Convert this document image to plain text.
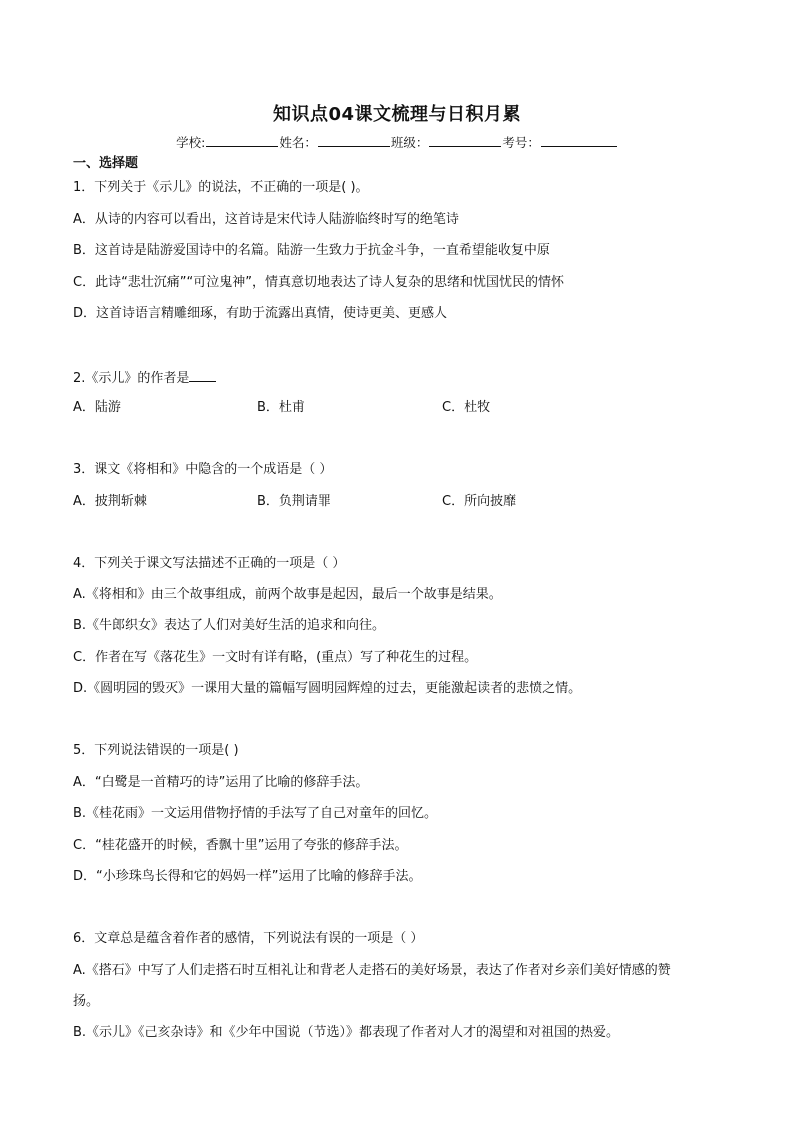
知识点04课文梳理与日积月累
学校:	姓名：	班级：	考号：
一、选择题
1．下列关于《示儿》的说法，不正确的一项是( )。
A．从诗的内容可以看出，这首诗是宋代诗人陆游临终时写的绝笔诗
B．这首诗是陆游爱国诗中的名篇。陆游一生致力于抗金斗争，一直希望能收复中原
C．此诗“悲壮沉痛”“可泣鬼神”，情真意切地表达了诗人复杂的思绪和忧国忧民的情怀
D．这首诗语言精雕细琢，有助于流露出真情，使诗更美、更感人
2.《示儿》的作者是
A．陆游	B．杜甫	C．杜牧
3．课文《将相和》中隐含的一个成语是（ ）
A．披荆斩棘	B．负荆请罪	C．所向披靡
4．下列关于课文写法描述不正确的一项是（ ）
A.《将相和》由三个故事组成，前两个故事是起因，最后一个故事是结果。
B.《牛郎织女》表达了人们对美好生活的追求和向往。
C．作者在写《落花生》一文时有详有略，(重点）写了种花生的过程。
D.《圆明园的毁灭》一课用大量的篇幅写圆明园辉煌的过去，更能激起读者的悲愤之情。
5．下列说法错误的一项是( )
A．“白鹭是一首精巧的诗”运用了比喻的修辞手法。
B.《桂花雨》一文运用借物抒情的手法写了自己对童年的回忆。
C．“桂花盛开的时候，香飘十里”运用了夸张的修辞手法。
D．“小珍珠鸟长得和它的妈妈一样”运用了比喻的修辞手法。
6．文章总是蕴含着作者的感情，下列说法有误的一项是（ ）
A.《搭石》中写了人们走搭石时互相礼让和背老人走搭石的美好场景，表达了作者对乡亲们美好情感的赞
扬。
B.《示儿》《己亥杂诗》和《少年中国说（节选）》都表现了作者对人才的渴望和对祖国的热爱。
